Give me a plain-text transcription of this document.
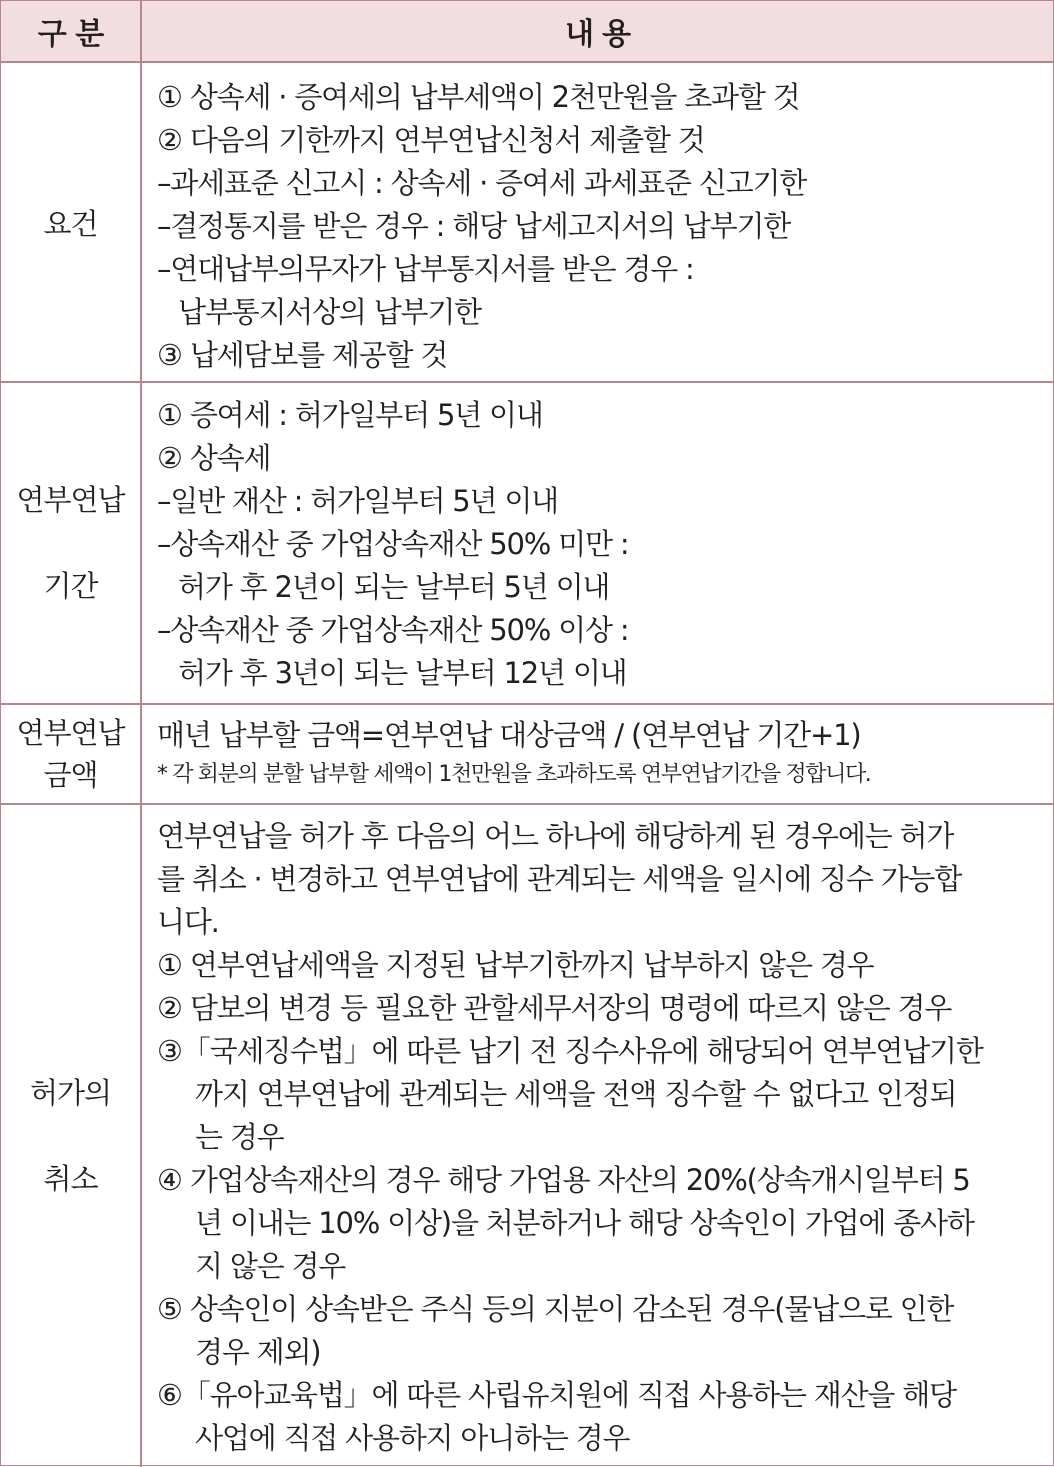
구 분	내 용
요건
① 상속세 · 증여세의 납부세액이 2천만원을 초과할 것
② 다음의 기한까지 연부연납신청서 제출할 것
–과세표준 신고시 : 상속세 · 증여세 과세표준 신고기한
–결정통지를 받은 경우 : 해당 납세고지서의 납부기한
–연대납부의무자가 납부통지서를 받은 경우 :
납부통지서상의 납부기한
③ 납세담보를 제공할 것
연부연납
기간
① 증여세 : 허가일부터 5년 이내
② 상속세
–일반 재산 : 허가일부터 5년 이내
–상속재산 중 가업상속재산 50% 미만 :
허가 후 2년이 되는 날부터 5년 이내
–상속재산 중 가업상속재산 50% 이상 :
허가 후 3년이 되는 날부터 12년 이내
연부연납
금액
매년 납부할 금액=연부연납 대상금액 / (연부연납 기간+1)
* 각 회분의 분할 납부할 세액이 1천만원을 초과하도록 연부연납기간을 정합니다.
허가의
취소
연부연납을 허가 후 다음의 어느 하나에 해당하게 된 경우에는 허가
를 취소 · 변경하고 연부연납에 관계되는 세액을 일시에 징수 가능합
니다.
① 연부연납세액을 지정된 납부기한까지 납부하지 않은 경우
② 담보의 변경 등 필요한 관할세무서장의 명령에 따르지 않은 경우
③「국세징수법」에 따른 납기 전 징수사유에 해당되어 연부연납기한
까지 연부연납에 관계되는 세액을 전액 징수할 수 없다고 인정되
는 경우
④ 가업상속재산의 경우 해당 가업용 자산의 20%(상속개시일부터 5
년 이내는 10% 이상)을 처분하거나 해당 상속인이 가업에 종사하
지 않은 경우
⑤ 상속인이 상속받은 주식 등의 지분이 감소된 경우(물납으로 인한
경우 제외)
⑥「유아교육법」에 따른 사립유치원에 직접 사용하는 재산을 해당
사업에 직접 사용하지 아니하는 경우
